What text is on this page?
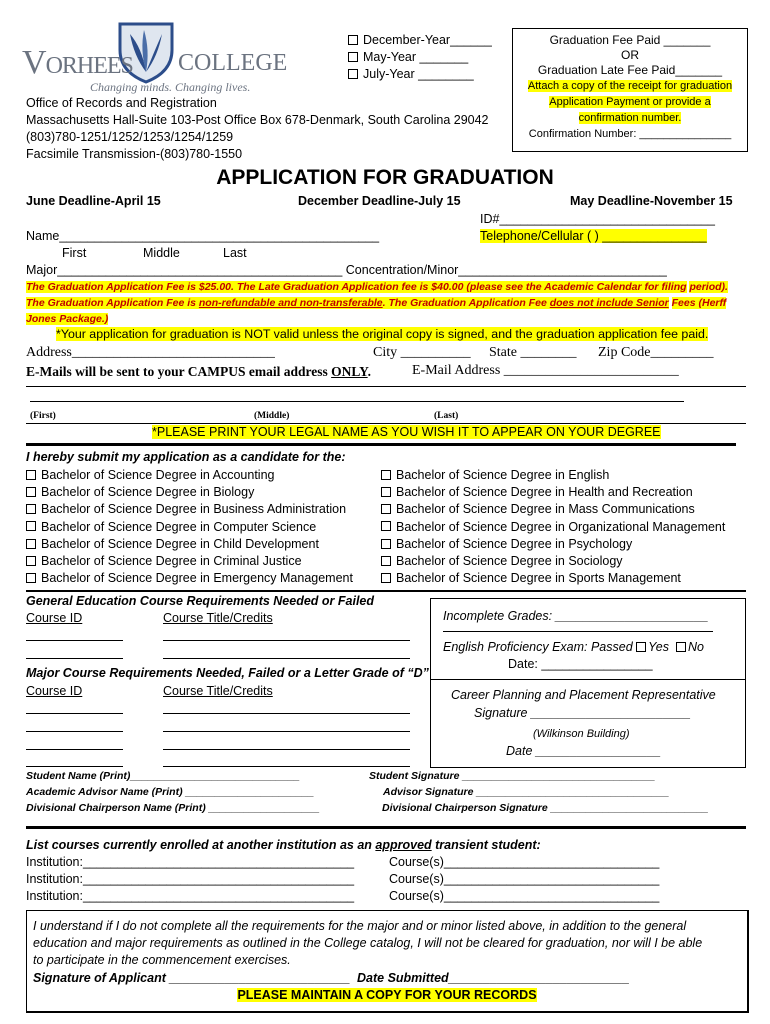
VORHEES COLLEGE
Changing minds. Changing lives.
Office of Records and Registration
Massachusetts Hall-Suite 103-Post Office Box 678-Denmark, South Carolina 29042
(803)780-1251/1252/1253/1254/1259
Facsimile Transmission-(803)780-1550
December-Year______
May-Year _______
July-Year ________
Graduation Fee Paid _______
OR
Graduation Late Fee Paid_______
Attach a copy of the receipt for graduation
Application Payment or provide a
confirmation number.
Confirmation Number: _______________
APPLICATION FOR GRADUATION
June Deadline-April 15	December Deadline-July 15	May Deadline-November 15
ID#_______________________________
Name______________________________________________	Telephone/Cellular ( ) _______________
First	Middle	Last
Major_________________________________________ Concentration/Minor______________________________
The Graduation Application Fee is $25.00. The Late Graduation Application fee is $40.00 (please see the Academic Calendar for filing period). The Graduation Application Fee is non-refundable and non-transferable. The Graduation Application Fee does not include Senior Fees (Herff Jones Package.)
*Your application for graduation is NOT valid unless the original copy is signed, and the graduation application fee paid.
Address_____________________________	City __________ State ________ Zip Code_________
E-Mails will be sent to your CAMPUS email address ONLY.	E-Mail Address _________________________
(First)	(Middle)	(Last)
*PLEASE PRINT YOUR LEGAL NAME AS YOU WISH IT TO APPEAR ON YOUR DEGREE
I hereby submit my application as a candidate for the:
Bachelor of Science Degree in Accounting
Bachelor of Science Degree in Biology
Bachelor of Science Degree in Business Administration
Bachelor of Science Degree in Computer Science
Bachelor of Science Degree in Child Development
Bachelor of Science Degree in Criminal Justice
Bachelor of Science Degree in Emergency Management
Bachelor of Science Degree in English
Bachelor of Science Degree in Health and Recreation
Bachelor of Science Degree in Mass Communications
Bachelor of Science Degree in Organizational Management
Bachelor of Science Degree in Psychology
Bachelor of Science Degree in Sociology
Bachelor of Science Degree in Sports Management
General Education Course Requirements Needed or Failed
Course ID	Course Title/Credits
Major Course Requirements Needed, Failed or a Letter Grade of “D”
Course ID	Course Title/Credits
Incomplete Grades: ______________________
English Proficiency Exam: Passed Yes No
Date: ________________
Career Planning and Placement Representative
Signature _______________________
(Wilkinson Building)
Date __________________
Student Name (Print)_____________________________	Student Signature _________________________________
Academic Advisor Name (Print) ______________________	Advisor Signature _________________________________
Divisional Chairperson Name (Print) ___________________	Divisional Chairperson Signature ___________________________
List courses currently enrolled at another institution as an approved transient student:
Institution:_______________________________________	Course(s)_______________________________
Institution:_______________________________________	Course(s)_______________________________
Institution:_______________________________________	Course(s)_______________________________
I understand if I do not complete all the requirements for the major and or minor listed above, in addition to the general
education and major requirements as outlined in the College catalog, I will not be cleared for graduation, nor will I be able
to participate in the commencement exercises.
Signature of Applicant __________________________ Date Submitted__________________________
PLEASE MAINTAIN A COPY FOR YOUR RECORDS
